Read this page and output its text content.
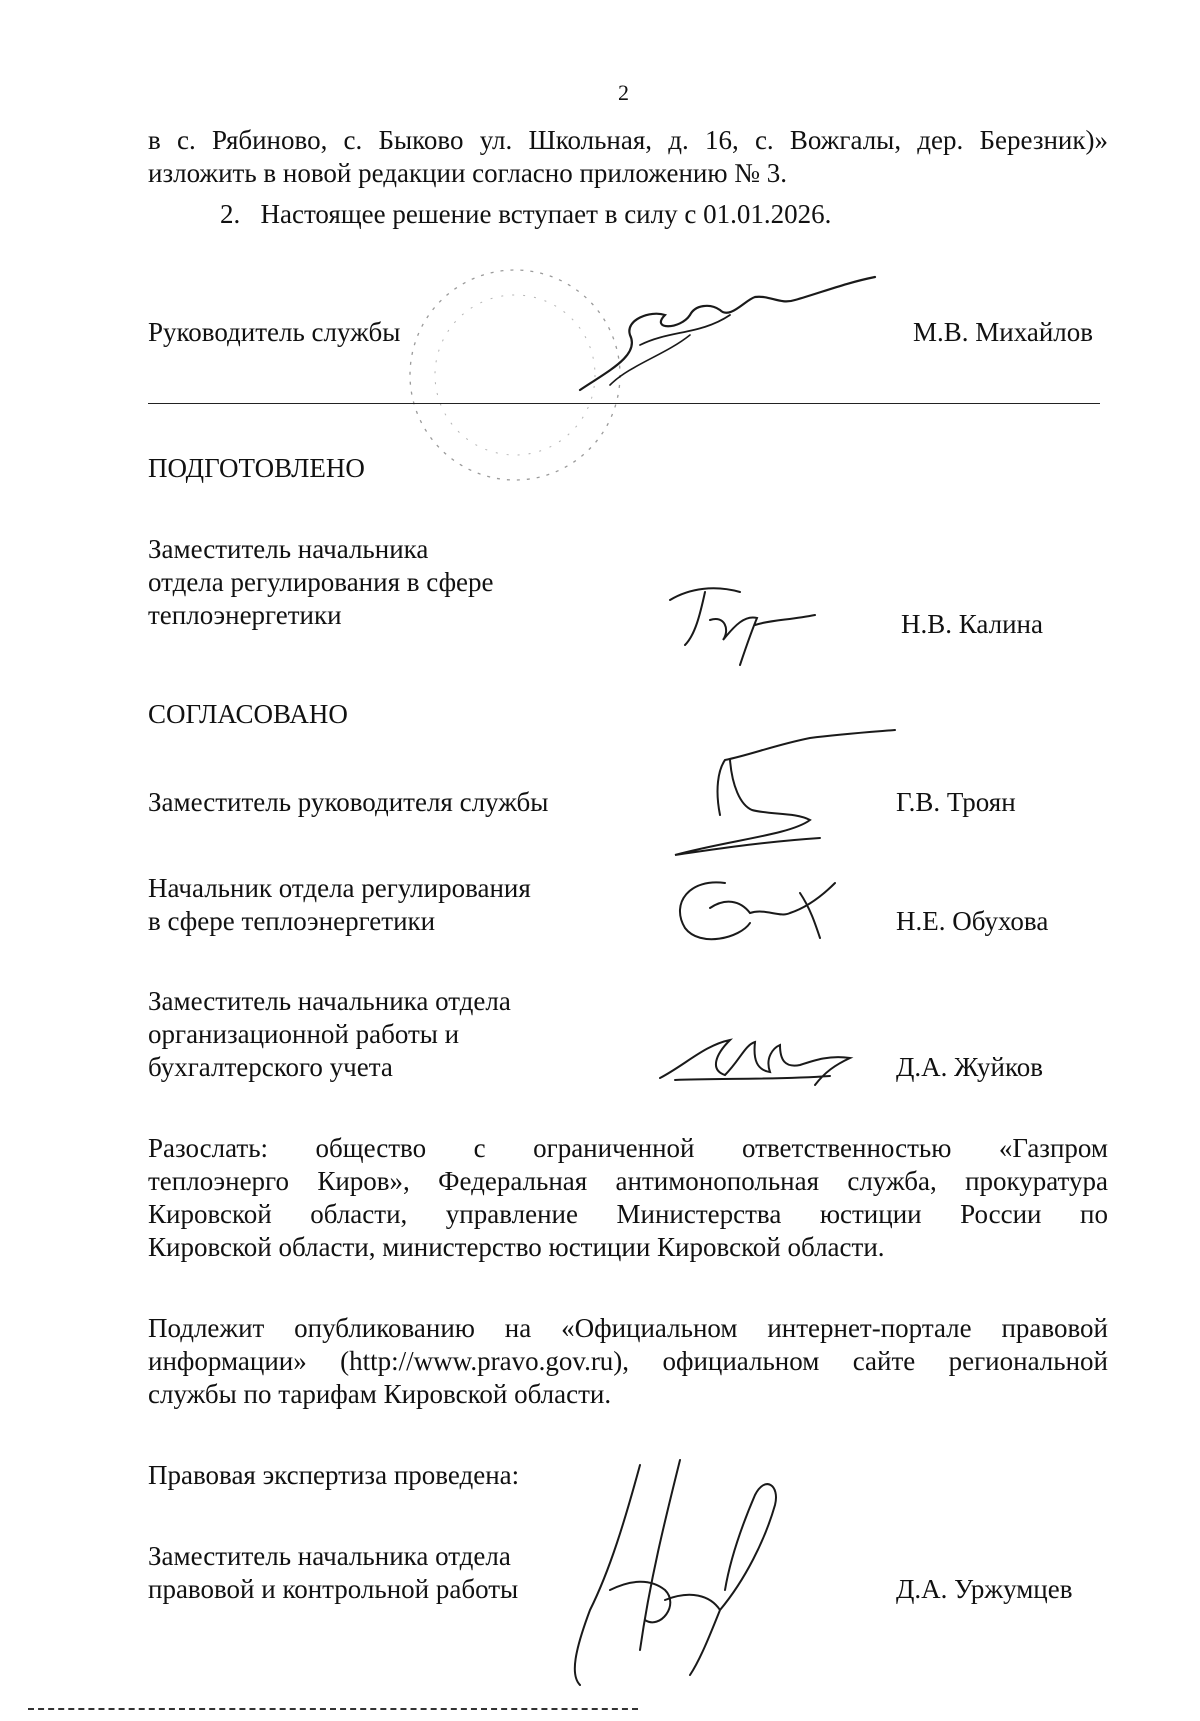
2
в с. Рябиново, с. Быково ул. Школьная, д. 16, с. Вожгалы, дер. Березник)»
изложить в новой редакции согласно приложению № 3.
2.  Настоящее решение вступает в силу с 01.01.2026.
Руководитель службы	М.В. Михайлов
ПОДГОТОВЛЕНО
Заместитель начальника
отдела регулирования в сфере
теплоэнергетики	Н.В. Калина
СОГЛАСОВАНО
Заместитель руководителя службы	Г.В. Троян
Начальник отдела регулирования
в сфере теплоэнергетики	Н.Е. Обухова
Заместитель начальника отдела
организационной работы и
бухгалтерского учета	Д.А. Жуйков
Разослать: общество с ограниченной ответственностью «Газпром
теплоэнерго Киров», Федеральная антимонопольная служба, прокуратура
Кировской области, управление Министерства юстиции России по
Кировской области, министерство юстиции Кировской области.
Подлежит опубликованию на «Официальном интернет-портале правовой
информации» (http://www.pravo.gov.ru), официальном сайте региональной
службы по тарифам Кировской области.
Правовая экспертиза проведена:
Заместитель начальника отдела
правовой и контрольной работы	Д.А. Уржумцев
